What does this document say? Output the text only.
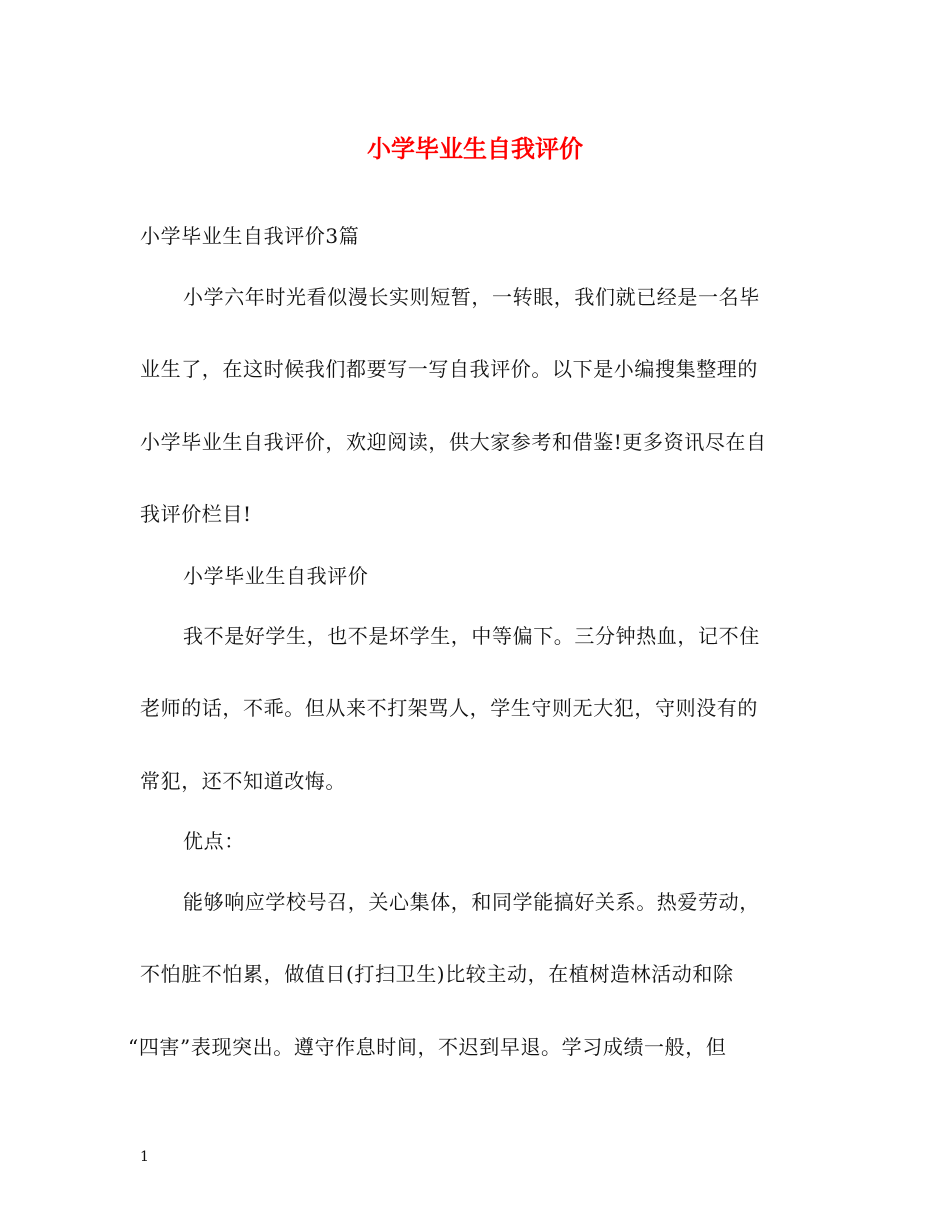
小学毕业生自我评价
小学毕业生自我评价3篇
小学六年时光看似漫长实则短暂，一转眼，我们就已经是一名毕
业生了，在这时候我们都要写一写自我评价。以下是小编搜集整理的
小学毕业生自我评价，欢迎阅读，供大家参考和借鉴!更多资讯尽在自
我评价栏目!
小学毕业生自我评价
我不是好学生，也不是坏学生，中等偏下。三分钟热血，记不住
老师的话，不乖。但从来不打架骂人，学生守则无大犯，守则没有的
常犯，还不知道改悔。
优点：
能够响应学校号召，关心集体，和同学能搞好关系。热爱劳动，
不怕脏不怕累，做值日(打扫卫生)比较主动，在植树造林活动和除
“四害”表现突出。遵守作息时间，不迟到早退。学习成绩一般，但
1
